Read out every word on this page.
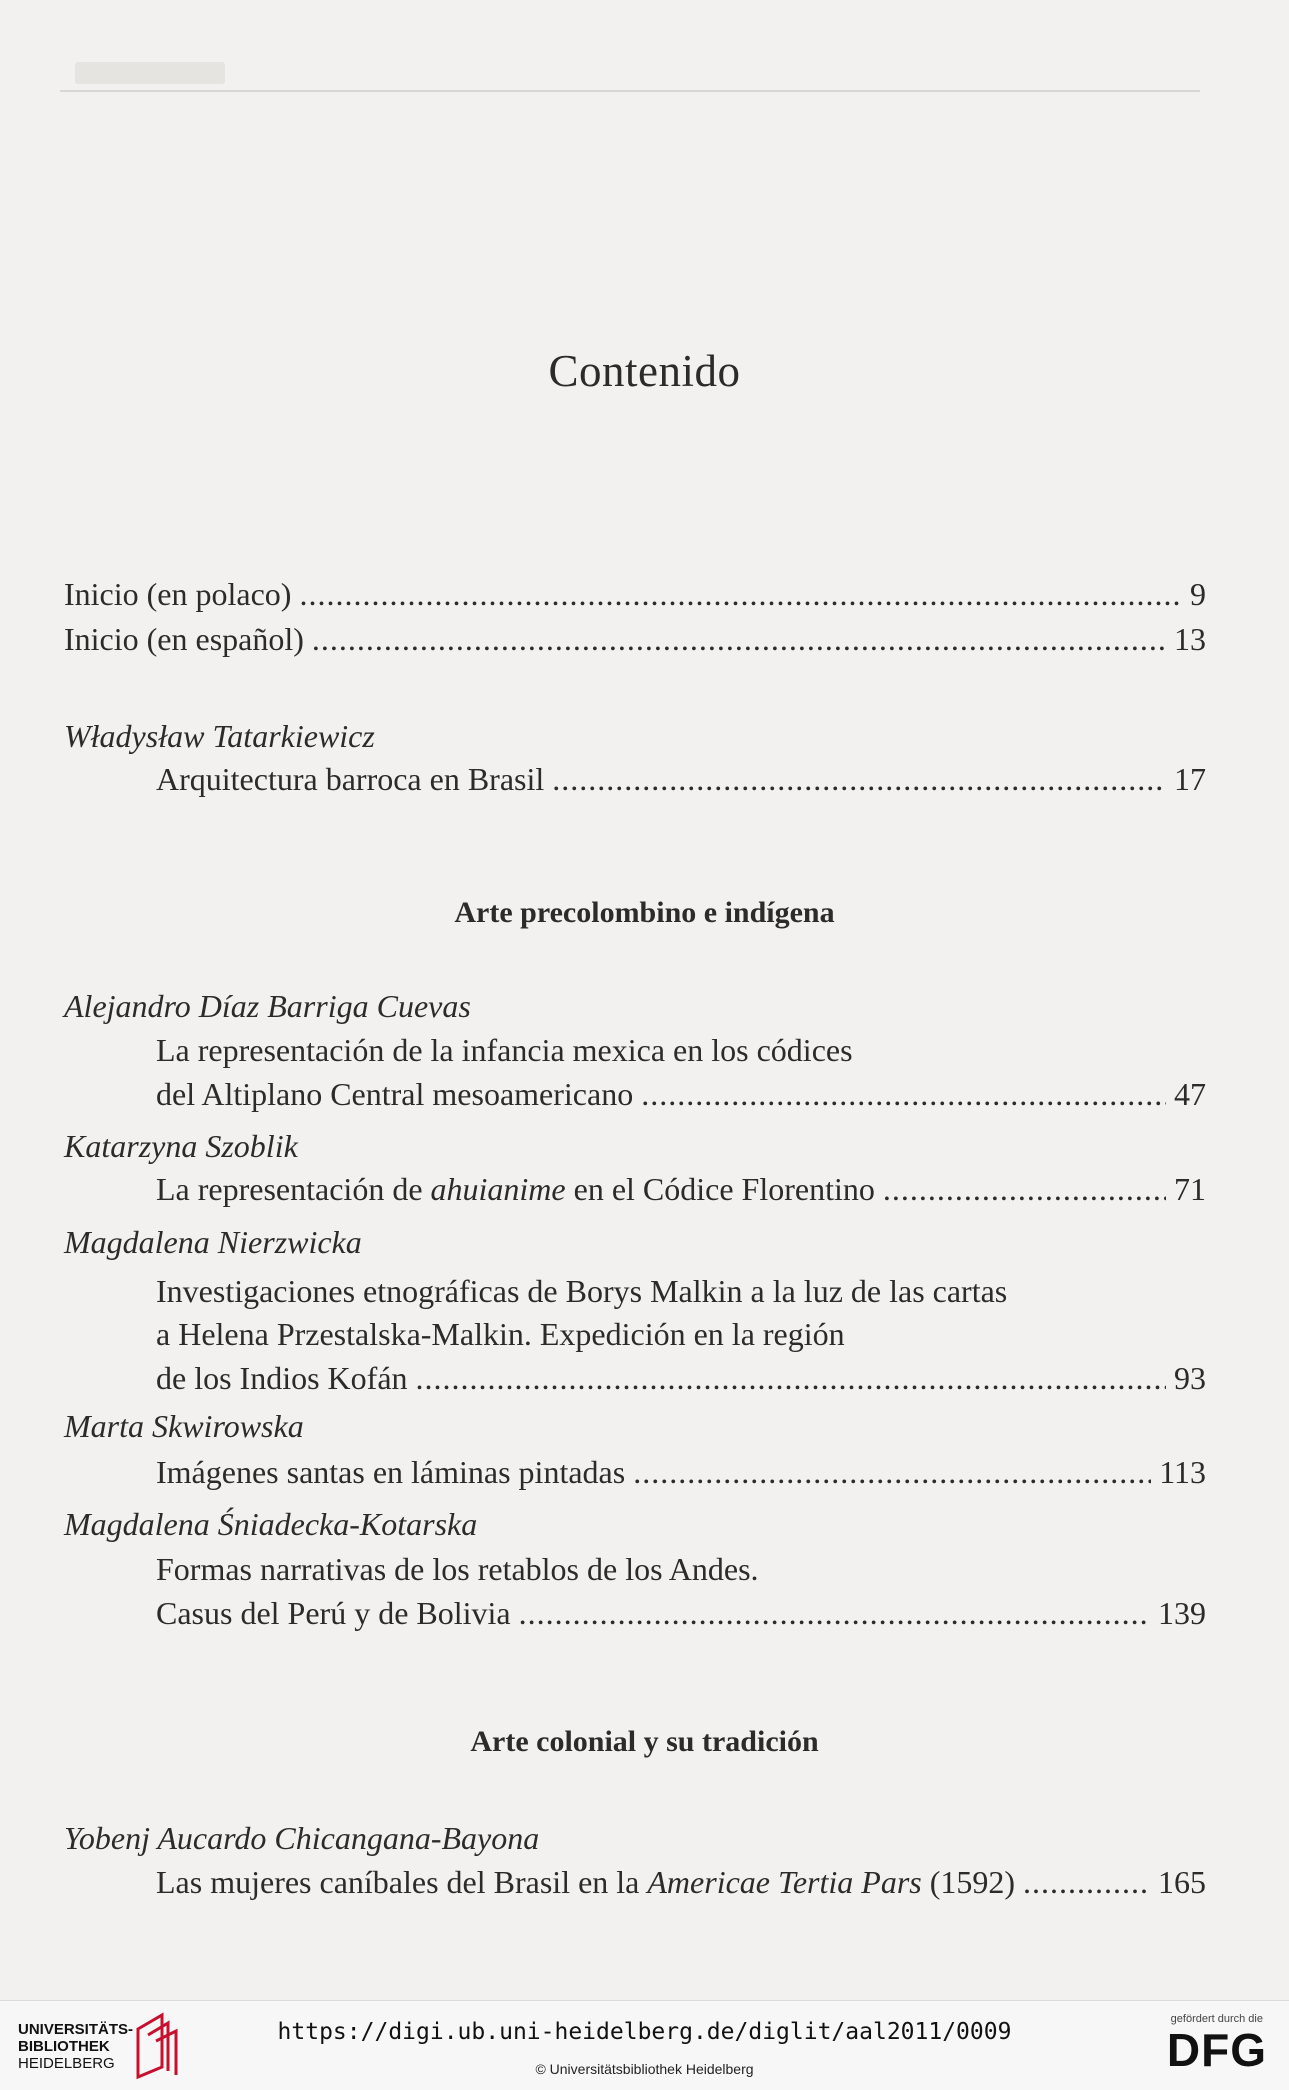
Contenido
Inicio (en polaco) .....	9
Inicio (en español) .....	13
Władysław Tatarkiewicz
Arquitectura barroca en Brasil .....	17
Arte precolombino e indígena
Alejandro Díaz Barriga Cuevas
La representación de la infancia mexica en los códices
del Altiplano Central mesoamericano .....	47
Katarzyna Szoblik
La representación de ahuianime en el Códice Florentino .....	71
Magdalena Nierzwicka
Investigaciones etnográficas de Borys Malkin a la luz de las cartas
a Helena Przestalska-Malkin. Expedición en la región
de los Indios Kofán .....	93
Marta Skwirowska
Imágenes santas en láminas pintadas .....	113
Magdalena Śniadecka-Kotarska
Formas narrativas de los retablos de los Andes.
Casus del Perú y de Bolivia .....	139
Arte colonial y su tradición
Yobenj Aucardo Chicangana-Bayona
Las mujeres caníbales del Brasil en la Americae Tertia Pars (1592) .....	165
UNIVERSITÄTS-
BIBLIOTHEK
HEIDELBERG
https://digi.ub.uni-heidelberg.de/diglit/aal2011/0009
© Universitätsbibliothek Heidelberg
gefördert durch die
DFG
